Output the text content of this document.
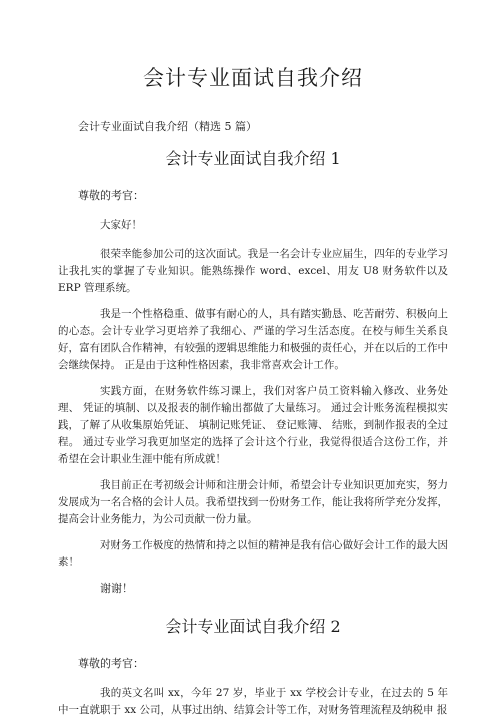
会计专业面试自我介绍
会计专业面试自我介绍（精选 5 篇）
会计专业面试自我介绍 1
尊敬的考官：
大家好！

很荣幸能参加公司的这次面试。我是一名会计专业应届生，四年的专业学习让我扎实的掌握了专业知识。能熟练操作 word、excel、用友 U8 财务软件以及 ERP 管理系统。

我是一个性格稳重、做事有耐心的人，具有踏实勤恳、吃苦耐劳、积极向上的心态。会计专业学习更培养了我细心、严谨的学习生活态度。在校与师生关系良好，富有团队合作精神，有较强的逻辑思维能力和极强的责任心，并在以后的工作中会继续保持。 正是由于这种性格因素，我非常喜欢会计工作。

实践方面，在财务软件练习课上，我们对客户员工资料输入修改、业务处理、 凭证的填制、以及报表的制作输出都做了大量练习。 通过会计账务流程模拟实 践，了解了从收集原始凭证、 填制记账凭证、 登记账簿、 结账，到制作报表的全过 程。 通过专业学习我更加坚定的选择了会计这个行业，我觉得很适合这份工作，并 希望在会计职业生涯中能有所成就！

我目前正在考初级会计师和注册会计师，希望会计专业知识更加充实，努力发展成为一名合格的会计人员。我希望找到一份财务工作，能让我将所学充分发挥，提高会计业务能力，为公司贡献一份力量。

对财务工作极度的热情和持之以恒的精神是我有信心做好会计工作的最大因素！

谢谢！
会计专业面试自我介绍 2
尊敬的考官：

我的英文名叫 xx，今年 27 岁，毕业于 xx 学校会计专业，在过去的 5 年 中一直就职于 xx 公司，从事过出纳、结算会计等工作，对财务管理流程及纳税申 报
